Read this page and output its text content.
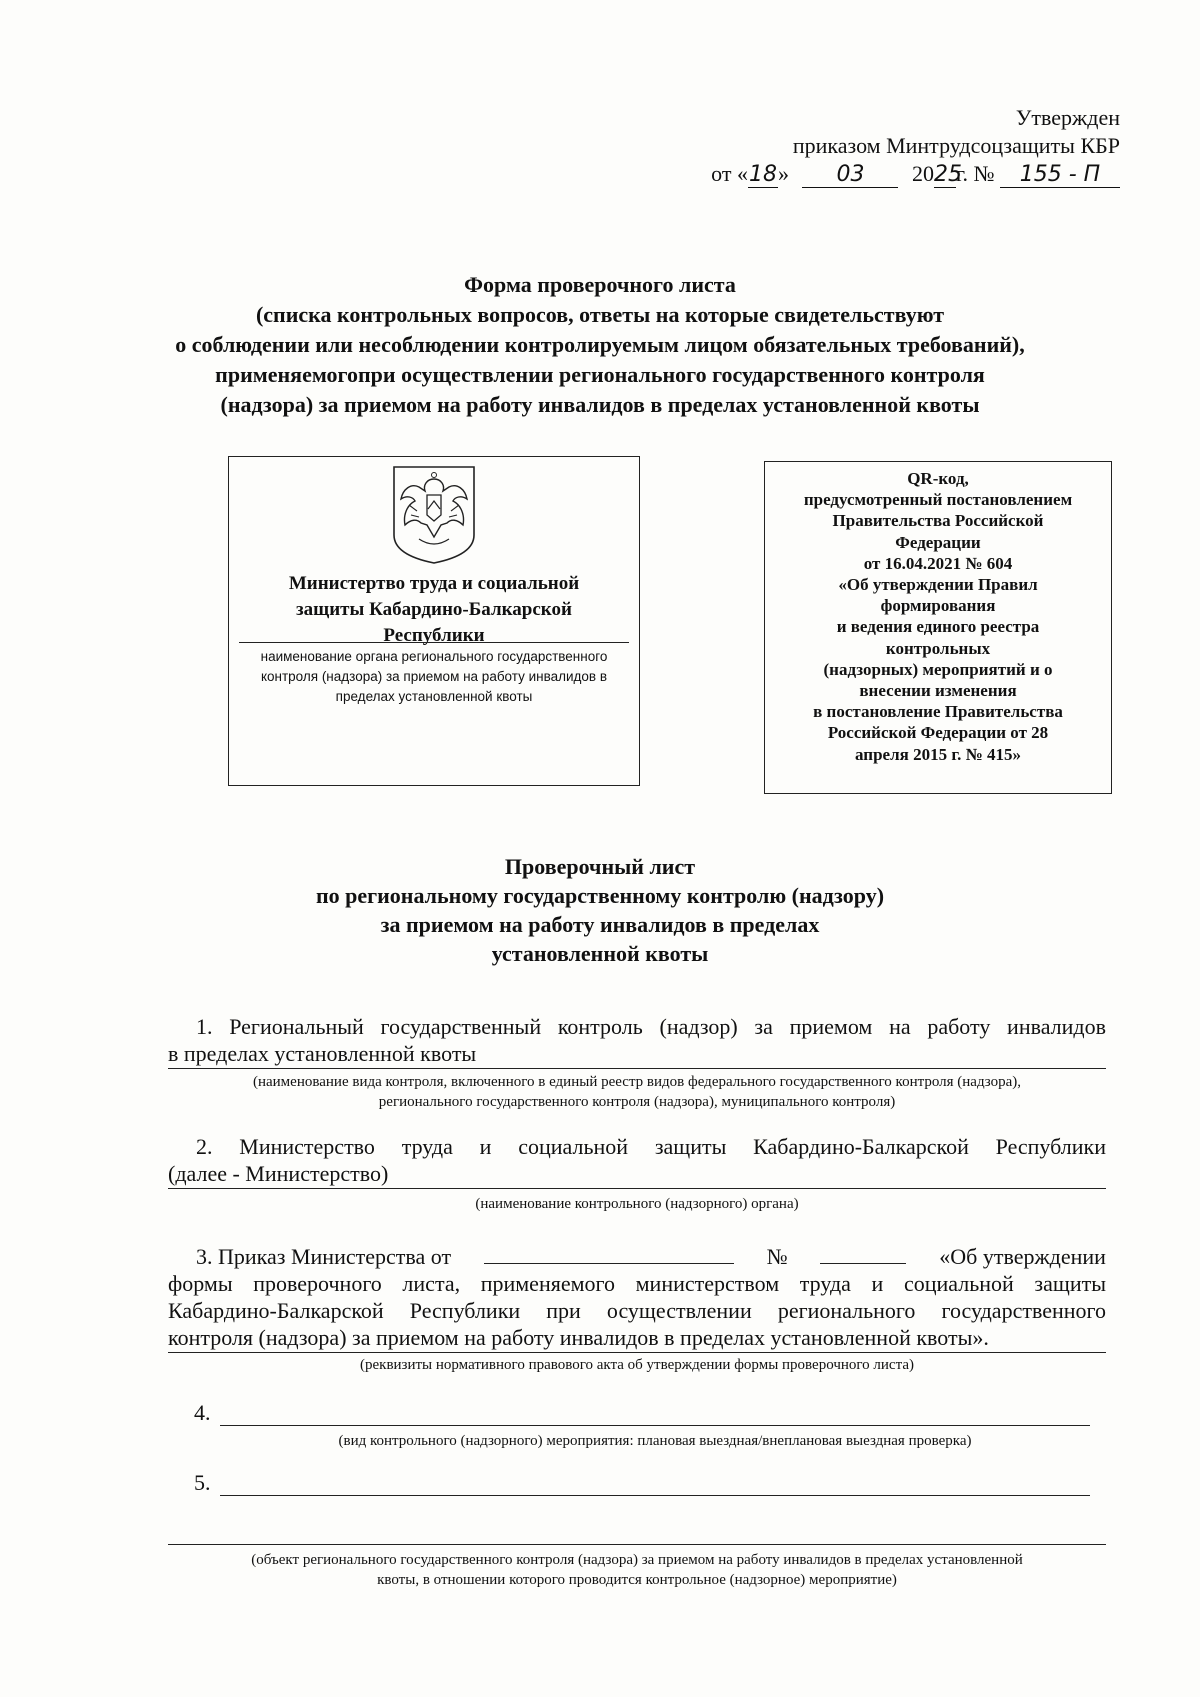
Утвержден
приказом Минтрудсоцзащиты КБР
от «18» 03 2025г. № 155 - П
Форма проверочного листа
(списка контрольных вопросов, ответы на которые свидетельствуют
о соблюдении или несоблюдении контролируемым лицом обязательных требований),
применяемогопри осуществлении регионального государственного контроля
(надзора) за приемом на работу инвалидов в пределах установленной квоты
Министертво труда и социальной
защиты Кабардино-Балкарской
Республики
наименование органа регионального государственного
контроля (надзора) за приемом на работу инвалидов в
пределах установленной квоты
QR-код,
предусмотренный постановлением
Правительства Российской
Федерации
от 16.04.2021 № 604
«Об утверждении Правил
формирования
и ведения единого реестра
контрольных
(надзорных) мероприятий и о
внесении изменения
в постановление Правительства
Российской Федерации от 28
апреля 2015 г. № 415»
Проверочный лист
по региональному государственному контролю (надзору)
за приемом на работу инвалидов в пределах
установленной квоты
1. Региональный государственный контроль (надзор) за приемом на работу инвалидов
в пределах установленной квоты
(наименование вида контроля, включенного в единый реестр видов федерального государственного контроля (надзора),
регионального государственного контроля (надзора), муниципального контроля)
2. Министерство труда и социальной защиты Кабардино-Балкарской Республики
(далее - Министерство)
(наименование контрольного (надзорного) органа)
3. Приказ Министерства от	№	«Об утверждении
формы проверочного листа, применяемого министерством труда и социальной защиты
Кабардино-Балкарской Республики при осуществлении регионального государственного
контроля (надзора) за приемом на работу инвалидов в пределах установленной квоты».
(реквизиты нормативного правового акта об утверждении формы проверочного листа)
4.
(вид контрольного (надзорного) мероприятия: плановая выездная/внеплановая выездная проверка)
5.
(объект регионального государственного контроля (надзора) за приемом на работу инвалидов в пределах установленной
квоты, в отношении которого проводится контрольное (надзорное) мероприятие)
